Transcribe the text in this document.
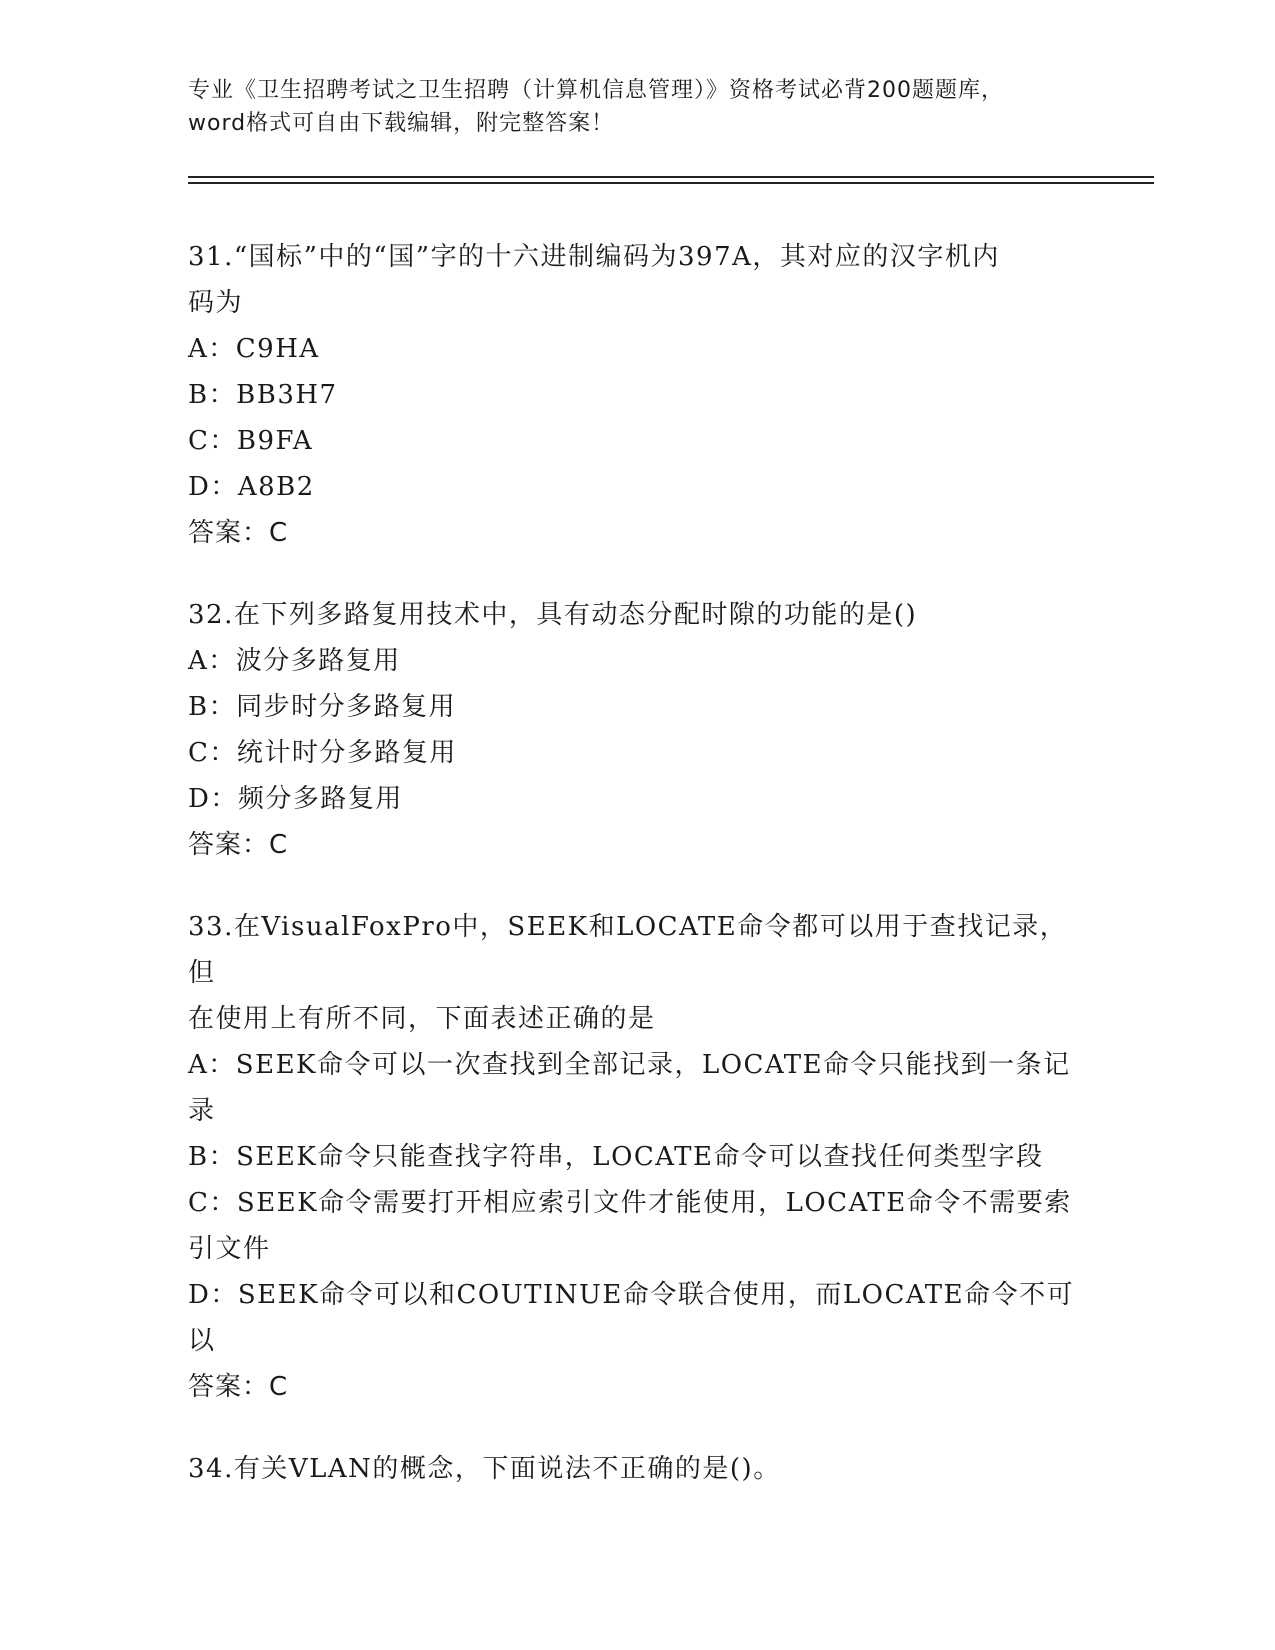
专业《卫生招聘考试之卫生招聘（计算机信息管理）》资格考试必背200题题库，
word格式可自由下载编辑，附完整答案！
31.“国标”中的“国”字的十六进制编码为397A，其对应的汉字机内
码为
A：C9HA
B：BB3H7
C：B9FA
D：A8B2
答案：C
32.在下列多路复用技术中，具有动态分配时隙的功能的是()
A：波分多路复用
B：同步时分多路复用
C：统计时分多路复用
D：频分多路复用
答案：C
33.在VisualFoxPro中，SEEK和LOCATE命令都可以用于查找记录，但
在使用上有所不同，下面表述正确的是
A：SEEK命令可以一次查找到全部记录，LOCATE命令只能找到一条记
录
B：SEEK命令只能查找字符串，LOCATE命令可以查找任何类型字段
C：SEEK命令需要打开相应索引文件才能使用，LOCATE命令不需要索
引文件
D：SEEK命令可以和COUTINUE命令联合使用，而LOCATE命令不可以
答案：C
34.有关VLAN的概念，下面说法不正确的是()。
